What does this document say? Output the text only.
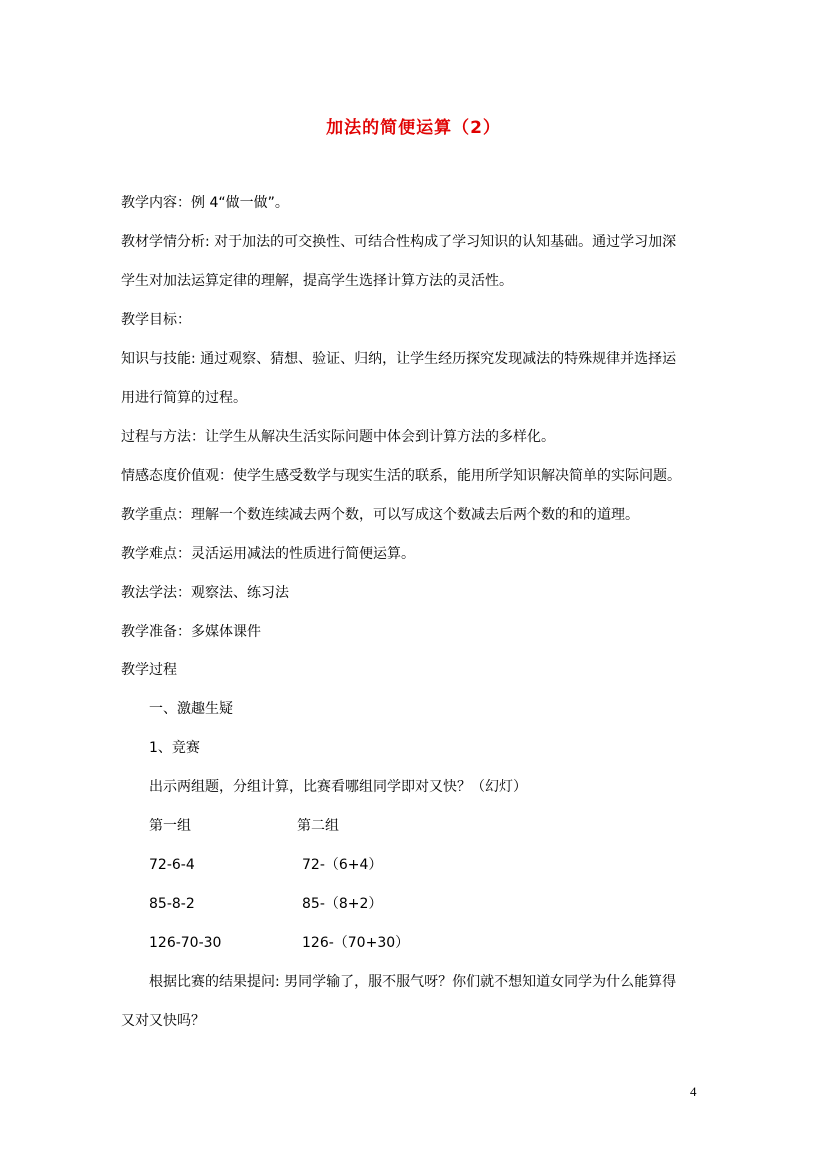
加法的简便运算（2）
教学内容：例 4“做一做”。
教材学情分析: 对于加法的可交换性、可结合性构成了学习知识的认知基础。通过学习加深
学生对加法运算定律的理解，提高学生选择计算方法的灵活性。
教学目标：
知识与技能: 通过观察、猜想、验证、归纳，让学生经历探究发现减法的特殊规律并选择运
用进行简算的过程。
过程与方法：让学生从解决生活实际问题中体会到计算方法的多样化。
情感态度价值观：使学生感受数学与现实生活的联系，能用所学知识解决简单的实际问题。
教学重点：理解一个数连续减去两个数，可以写成这个数减去后两个数的和的道理。
教学难点：灵活运用减法的性质进行简便运算。
教法学法：观察法、练习法
教学准备：多媒体课件
教学过程
一、激趣生疑
1、竞赛
出示两组题，分组计算，比赛看哪组同学即对又快？（幻灯）
第一组	第二组
72-6-4	72-（6+4）
85-8-2	85-（8+2）
126-70-30	126-（70+30）
根据比赛的结果提问: 男同学输了，服不服气呀？你们就不想知道女同学为什么能算得
又对又快吗？
4
